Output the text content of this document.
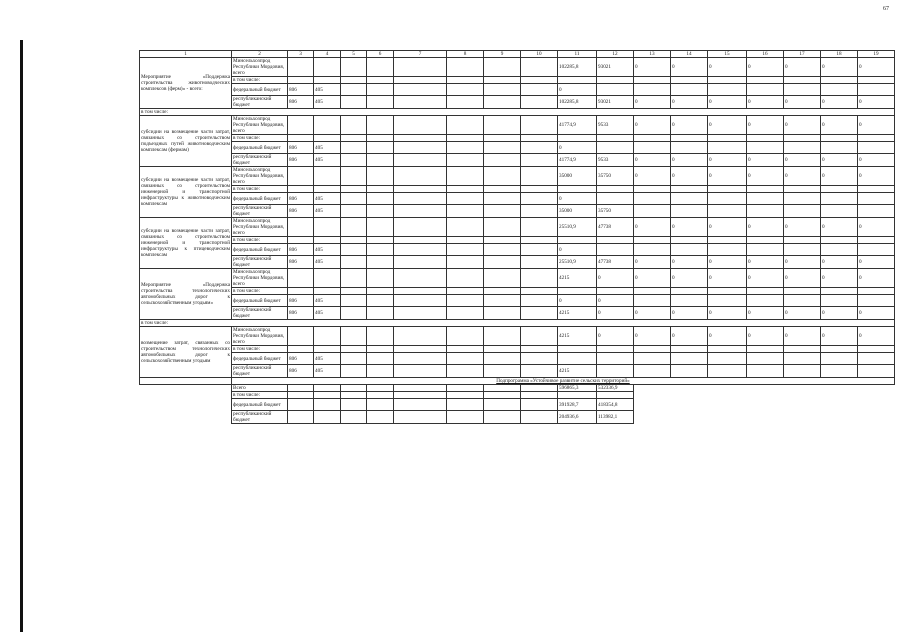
67
1	2	3	4	5	6	7	8	9	10	11	12	13	14	15	16	17	18	19
Мероприятие «Поддержка строительства животноводческих комплексов (ферм)» - всего:	Минсельхозпрод Республики Мордовия, всего									102285,8	93021	0	0	0	0	0	0	0
	в том числе:																	
	федеральный бюджет	806	405							0								
	республиканский бюджет	806	405							102285,8	93021	0	0	0	0	0	0	0
в том числе:																		
субсидии на возмещение части затрат, связанных со строительством подъездных путей животноводческим комплексам (фермам)	Минсельхозпрод Республики Мордовия, всего									41774,9	9533	0	0	0	0	0	0	0
	в том числе:																	
	федеральный бюджет	806	405							0								
	республиканский бюджет	806	405							41774,9	9533	0	0	0	0	0	0	0
субсидии на возмещение части затрат, связанных со строительством инженерной и транспортной инфраструктуры к животноводческим комплексам	Минсельхозпрод Республики Мордовия, всего									35000	35750	0	0	0	0	0	0	0
	в том числе:																	
	федеральный бюджет	806	405							0								
	республиканский бюджет	806	405							35000	35750							
субсидии на возмещение части затрат, связанных со строительством инженерной и транспортной инфраструктуры к птицеводческим комплексам	Минсельхозпрод Республики Мордовия, всего									25510,9	47738	0	0	0	0	0	0	0
	в том числе:																	
	федеральный бюджет	806	405							0								
	республиканский бюджет	806	405							25510,9	47738	0	0	0	0	0	0	0
Мероприятие «Поддержка строительства технологических автомобильных дорог к сельскохозяйственным угодьям»	Минсельхозпрод Республики Мордовия, всего									4215	0	0	0	0	0	0	0	0
	в том числе:																	
	федеральный бюджет	806	405							0	0							
	республиканский бюджет	806	405							4215	0	0	0	0	0	0	0	0
в том числе:																		
возмещение затрат, связанных со строительством технологических автомобильных дорог к сельскохозяйственным угодьям	Минсельхозпрод Республики Мордовия, всего									4215	0	0	0	0	0	0	0	0
	в том числе:																	
	федеральный бюджет	806	405															
	республиканский бюджет	806	405							4215								
	Подпрограмма «Устойчивое развитие сельских территорий»																	
	Всего									596865,3	532336,9							
	в том числе:																	
	федеральный бюджет									391928,7	418354,8							
	республиканский бюджет									204936,6	113982,1							
